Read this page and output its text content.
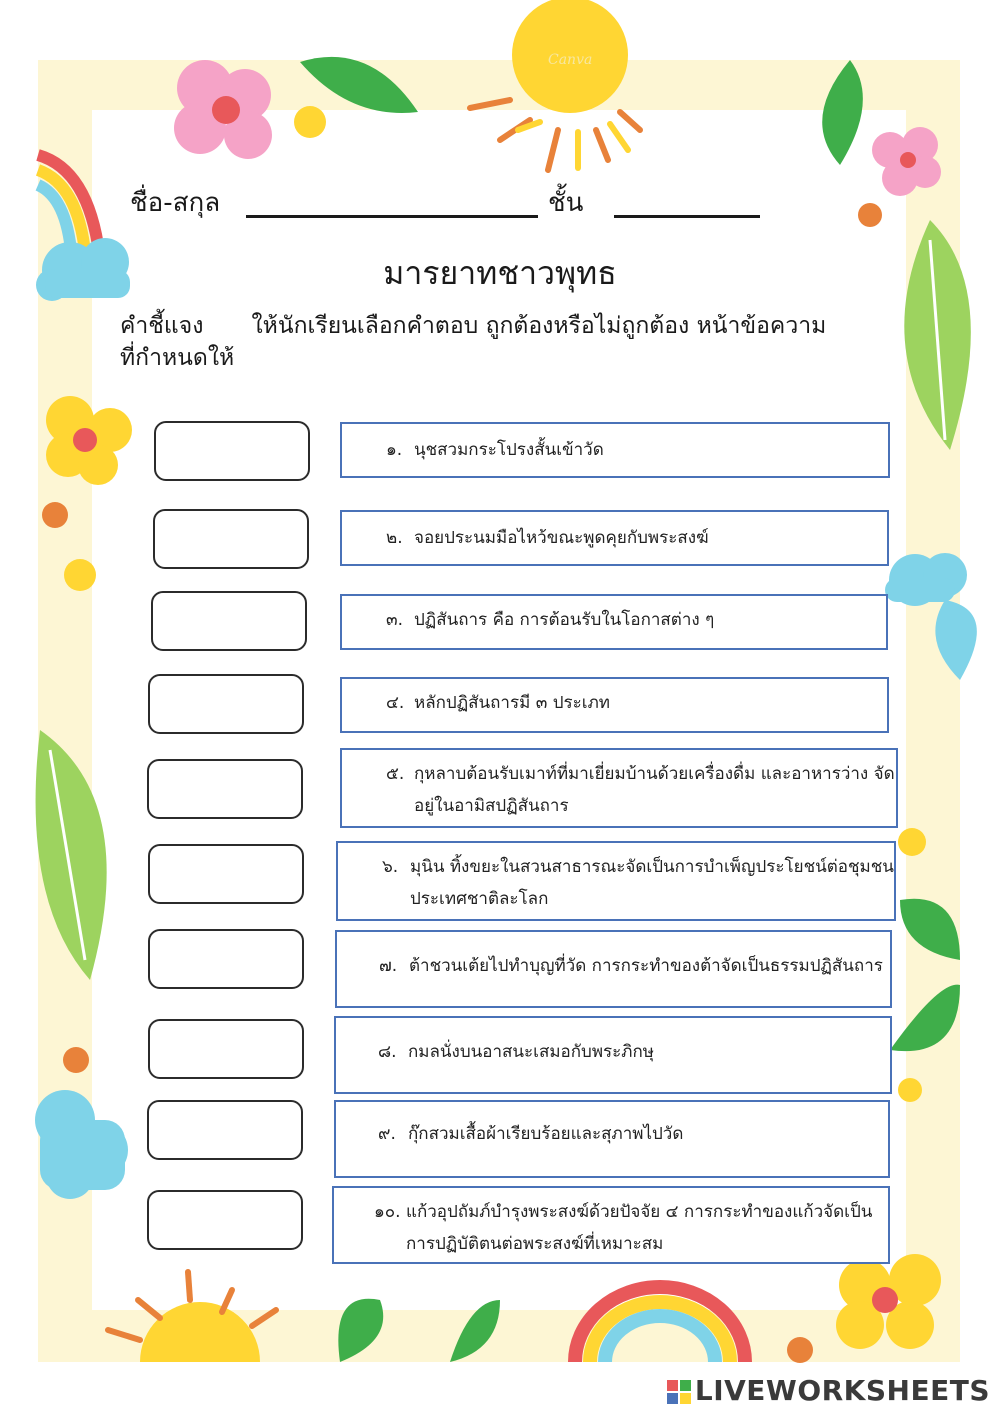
Canva
ชื่อ-สกุล	ชั้น
มารยาทชาวพุทธ
คำชี้แจง ให้นักเรียนเลือกคำตอบ ถูกต้องหรือไม่ถูกต้อง หน้าข้อความที่กำหนดให้
๑. นุชสวมกระโปรงสั้นเข้าวัด
๒. จอยประนมมือไหว้ขณะพูดคุยกับพระสงฆ์
๓. ปฏิสันถาร คือ การต้อนรับในโอกาสต่าง ๆ
๔. หลักปฏิสันถารมี ๓ ประเภท
๕. กุหลาบต้อนรับเมาท์ที่มาเยี่ยมบ้านด้วยเครื่องดื่ม และอาหารว่าง จัด
อยู่ในอามิสปฏิสันถาร
๖. มุนิน ทิ้งขยะในสวนสาธารณะจัดเป็นการบำเพ็ญประโยชน์ต่อชุมชน
ประเทศชาติละโลก
๗. ต้าชวนเต้ยไปทำบุญที่วัด การกระทำของต้าจัดเป็นธรรมปฏิสันถาร
๘. กมลนั่งบนอาสนะเสมอกับพระภิกษุ
๙. กุ๊กสวมเสื้อผ้าเรียบร้อยและสุภาพไปวัด
๑๐. แก้วอุปถัมภ์บำรุงพระสงฆ์ด้วยปัจจัย ๔ การกระทำของแก้วจัดเป็น
การปฏิบัติตนต่อพระสงฆ์ที่เหมาะสม
LIVEWORKSHEETS
